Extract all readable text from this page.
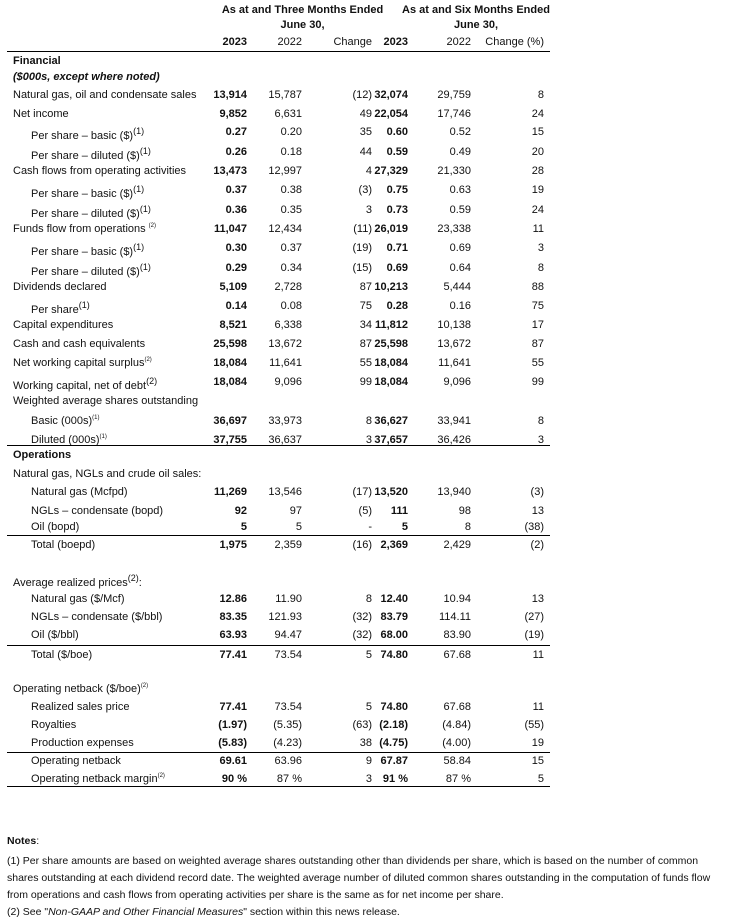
As at and Three Months Ended
June 30,
As at and Six Months Ended
June 30,
2023	2022	Change 2023	2022 Change (%)
Financial
($000s, except where noted)
Natural gas, oil and condensate sales 13,914 15,787	(12) 32,074	29,759	8
Net income	9,852 6,631	49 22,054	17,746	24
Per share – basic ($)$^{(1)}$	0.27	0.20	35 0.60	0.52	15
Per share – diluted ($)$^{(1)}$	0.26	0.18	44 0.59	0.49	20
Cash flows from operating activities 13,473 12,997	4 27,329	21,330	28
Per share – basic ($)$^{(1)}$	0.37	0.38	(3) 0.75	0.63	19
Per share – diluted ($)$^{(1)}$	0.36	0.35	3 0.73	0.59	24
Funds flow from operations $^{(2)}$	11,047 12,434	(11) 26,019	23,338	11
Per share – basic ($)$^{(1)}$	0.30	0.37	(19) 0.71	0.69	3
Per share – diluted ($)$^{(1)}$	0.29	0.34	(15) 0.69	0.64	8
Dividends declared	5,109 2,728	87 10,213	5,444	88
Per share$^{(1)}$	0.14	0.08	75 0.28	0.16	75
Capital expenditures	8,521 6,338	34 11,812	10,138	17
Cash and cash equivalents	25,598 13,672	87 25,598	13,672	87
Net working capital surplus$^{(2)}$	18,084 11,641	55 18,084	11,641	55
Working capital, net of debt$^{(2)}$	18,084 9,096	99 18,084	9,096	99
Weighted average shares outstanding
Basic $(000s)^{(1)}$	36,697 33,973	8 36,627	33,941	8
Diluted $(000s)^{(1)}$	37,755 36,637	3 37,657	36,426	3
Natural gas (Mcfpd)	11,269 13,546	(17) 13,520	13,940	(3)
NGLs – condensate (bopd)	92	97	(5) 111	98	13
Oil (bopd)	5	5	-	5	8	(38)
Total (boepd)	1,975 2,359	(16) 2,369	2,429	(2)
Natural gas ($/Mcf)	12.86	11.90	8 12.40	10.94	13
NGLs – condensate ($/bbl)	83.35 121.93	(32) 83.79	114.11	(27)
Oil ($/bbl)	63.93 94.47	(32) 68.00	83.90	(19)
Total ($/boe)	77.41 73.54	5 74.80	67.68	11
Realized sales price	77.41 73.54	5 74.80	67.68	11
Royalties	(1.97) (5.35)	(63) (2.18)	(4.84)	(55)
Production expenses	(5.83) (4.23)	38 (4.75)	(4.00)	19
Operating netback	69.61 63.96	9 67.87	58.84	15
Operating netback margin$^{(2)}$	90 %	87 %	3 91 %	87 %	5
Operations
Natural gas, NGLs and crude oil sales:
Average realized prices$^{(2)}$:
Operating netback ($/boe)$^{(2)}$

Notes:

(1) Per share amounts are based on weighted average shares outstanding other than dividends per share, which is based on the number of common shares outstanding at each dividend record date. The weighted average number of diluted common shares outstanding in the computation of funds flow from operations and cash flows from operating activities per share is the same as for net income per share.

(2) See "Non-GAAP and Other Financial Measures" section within this news release.
